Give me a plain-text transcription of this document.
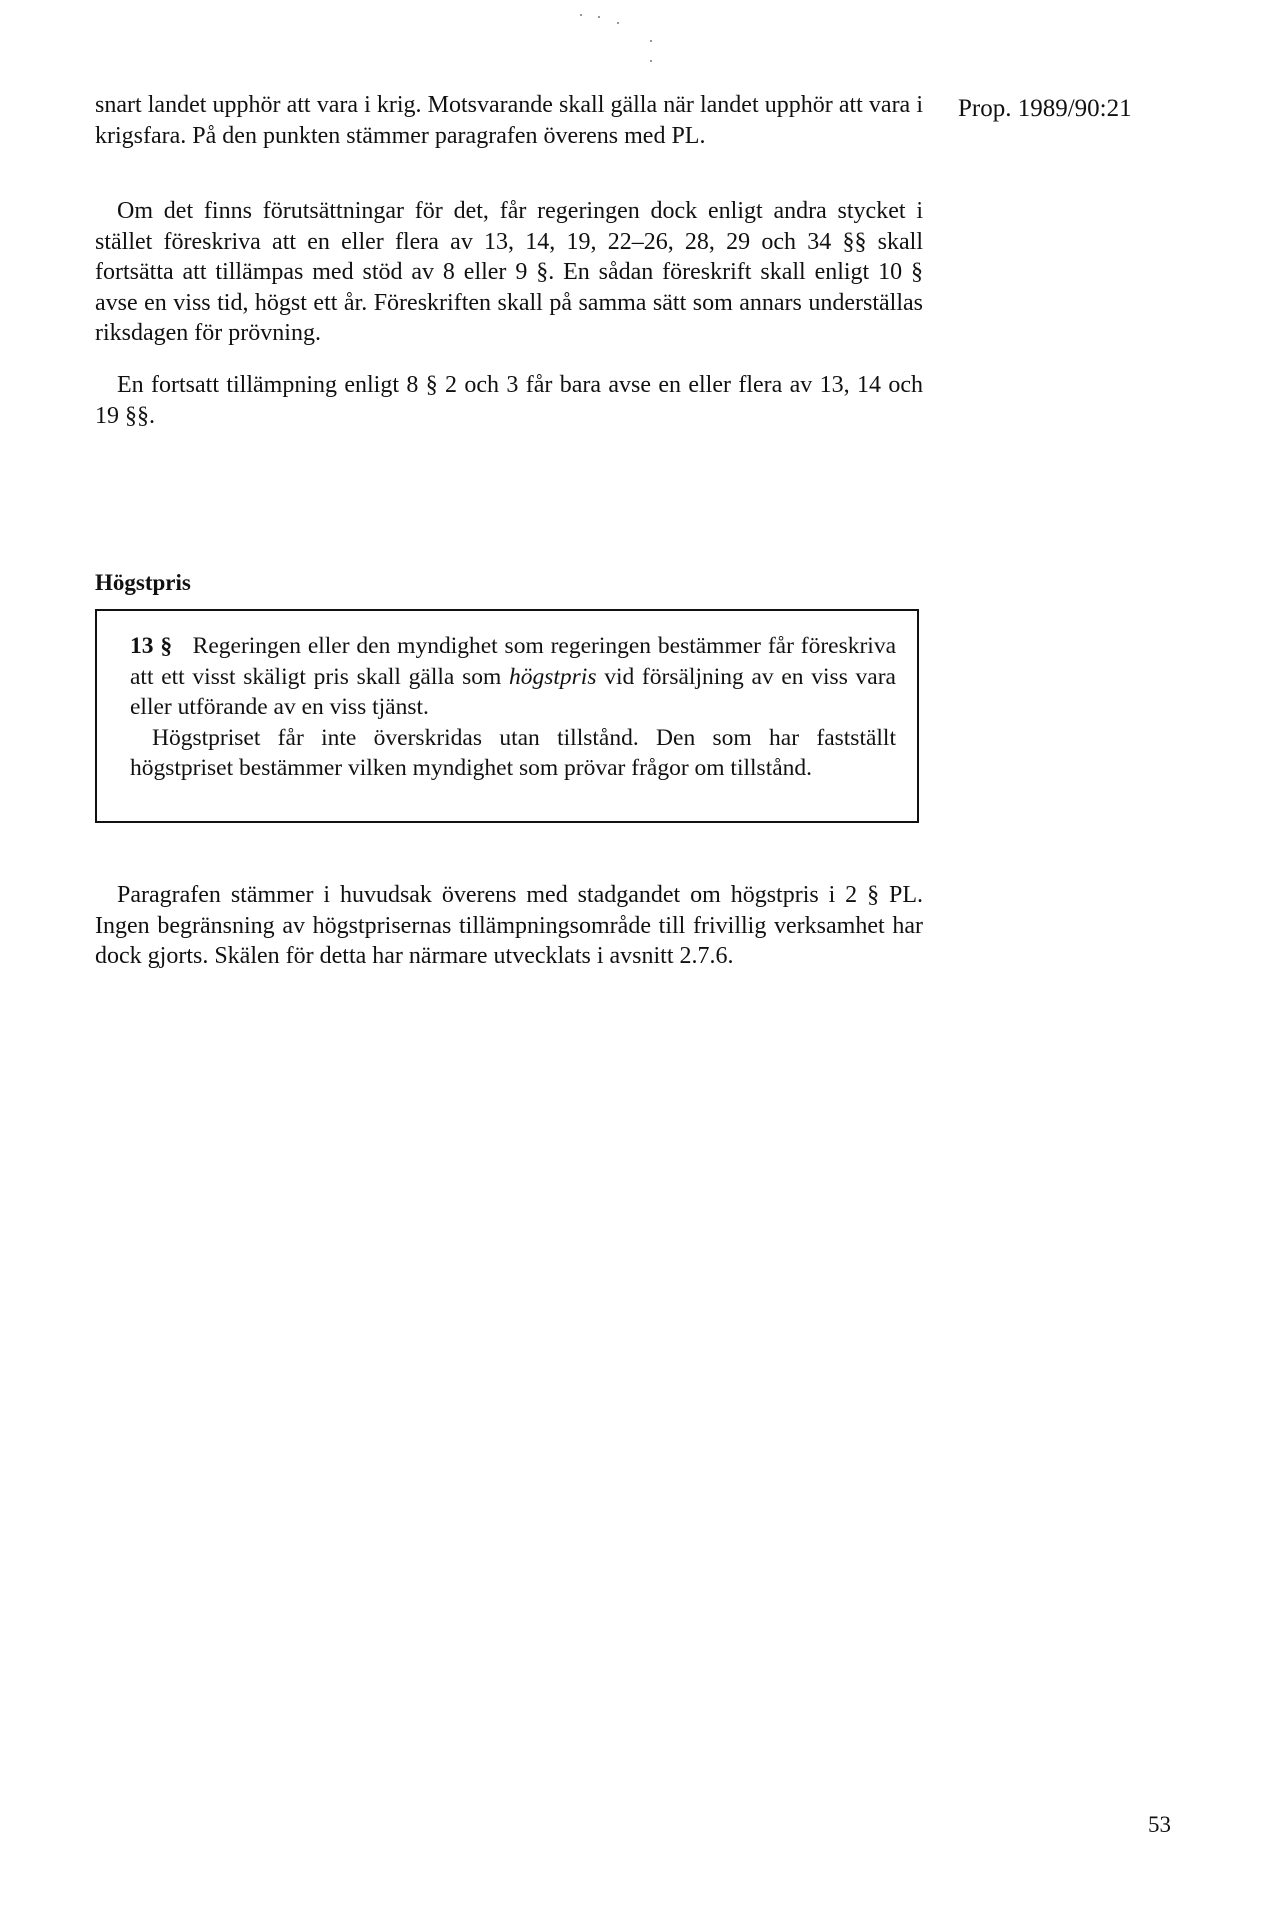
Prop. 1989/90:21

snart landet upphör att vara i krig. Motsvarande skall gälla när landet upphör att vara i krigsfara. På den punkten stämmer paragrafen överens med PL.

Om det finns förutsättningar för det, får regeringen dock enligt andra stycket i stället föreskriva att en eller flera av 13, 14, 19, 22–26, 28, 29 och 34 §§ skall fortsätta att tillämpas med stöd av 8 eller 9 §. En sådan föreskrift skall enligt 10 § avse en viss tid, högst ett år. Föreskriften skall på samma sätt som annars underställas riksdagen för prövning.

En fortsatt tillämpning enligt 8 § 2 och 3 får bara avse en eller flera av 13, 14 och 19 §§.

Högstpris

13 § Regeringen eller den myndighet som regeringen bestämmer får föreskriva att ett visst skäligt pris skall gälla som högstpris vid försäljning av en viss vara eller utförande av en viss tjänst.
Högstpriset får inte överskridas utan tillstånd. Den som har fastställt högstpriset bestämmer vilken myndighet som prövar frågor om tillstånd.

Paragrafen stämmer i huvudsak överens med stadgandet om högstpris i 2 § PL. Ingen begränsning av högstprisernas tillämpningsområde till frivillig verksamhet har dock gjorts. Skälen för detta har närmare utvecklats i avsnitt 2.7.6.

53
